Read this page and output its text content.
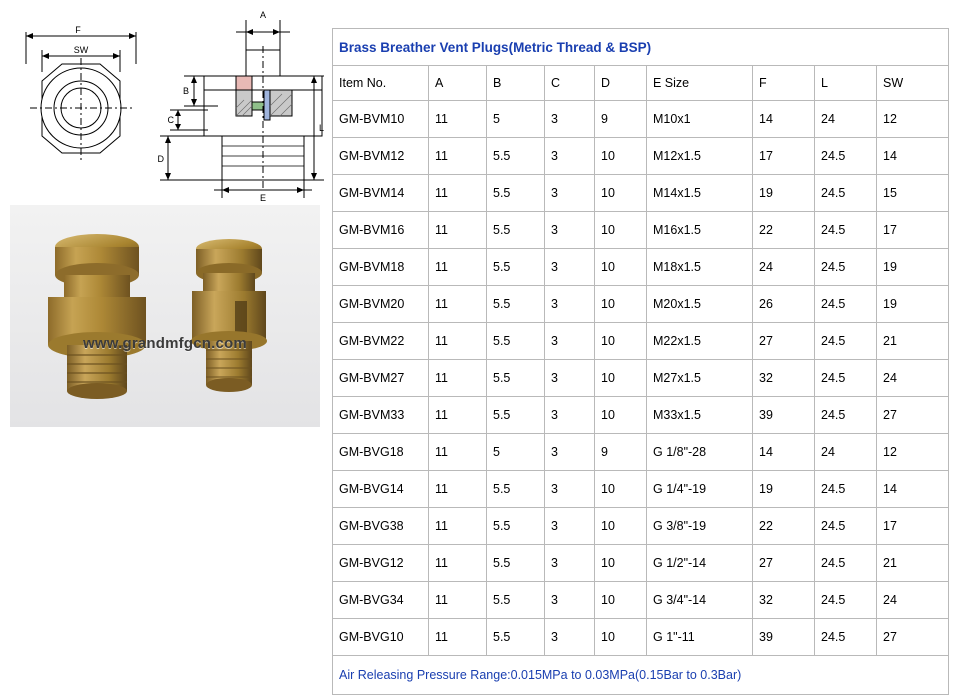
F
SW
A
B
C
D
L
E
www.grandmfgcn.com
Brass Breather Vent Plugs(Metric Thread & BSP)								
Item No.	A	B	C	D	E Size	F	L	SW
GM-BVM10	11	5	3	9	M10x1	14	24	12
GM-BVM12	11	5.5	3	10	M12x1.5	17	24.5	14
GM-BVM14	11	5.5	3	10	M14x1.5	19	24.5	15
GM-BVM16	11	5.5	3	10	M16x1.5	22	24.5	17
GM-BVM18	11	5.5	3	10	M18x1.5	24	24.5	19
GM-BVM20	11	5.5	3	10	M20x1.5	26	24.5	19
GM-BVM22	11	5.5	3	10	M22x1.5	27	24.5	21
GM-BVM27	11	5.5	3	10	M27x1.5	32	24.5	24
GM-BVM33	11	5.5	3	10	M33x1.5	39	24.5	27
GM-BVG18	11	5	3	9	G 1/8"-28	14	24	12
GM-BVG14	11	5.5	3	10	G 1/4"-19	19	24.5	14
GM-BVG38	11	5.5	3	10	G 3/8"-19	22	24.5	17
GM-BVG12	11	5.5	3	10	G 1/2"-14	27	24.5	21
GM-BVG34	11	5.5	3	10	G 3/4"-14	32	24.5	24
GM-BVG10	11	5.5	3	10	G 1"-11	39	24.5	27
Air Releasing Pressure Range:0.015MPa to 0.03MPa(0.15Bar to 0.3Bar)								
